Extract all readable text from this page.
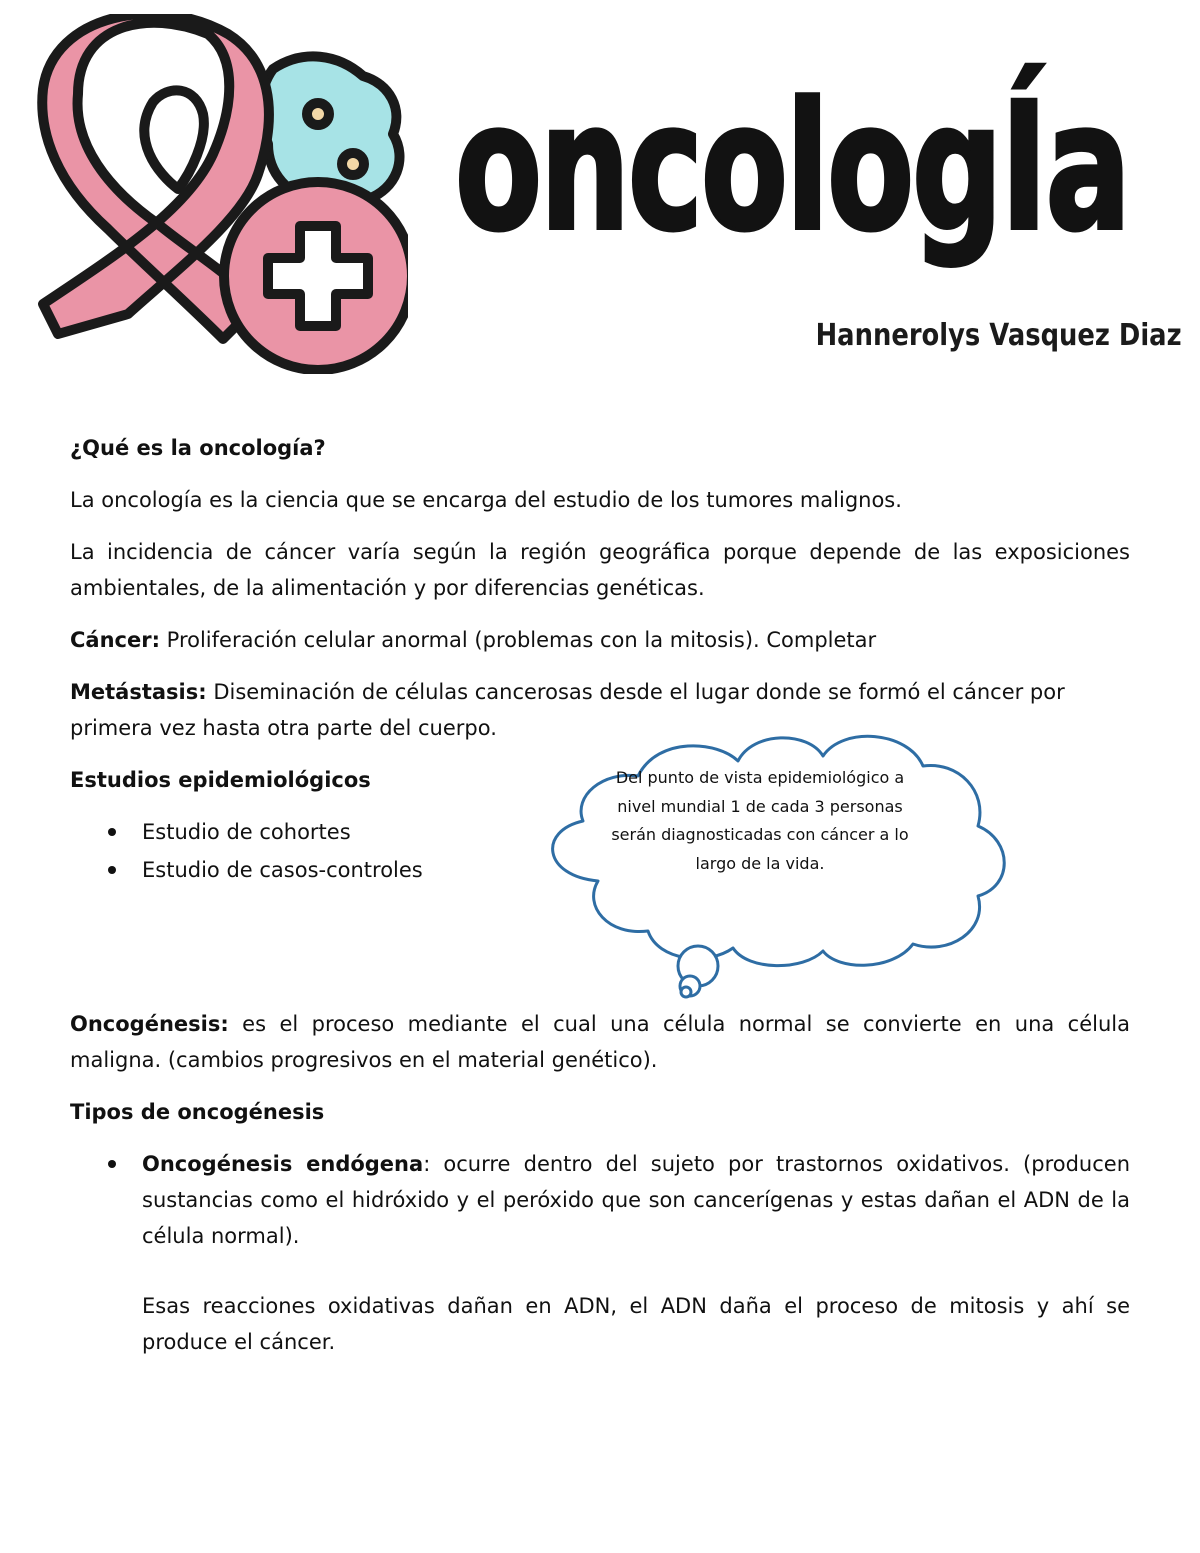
oncologÍa
Hannerolys Vasquez Diaz

¿Qué es la oncología?

La oncología es la ciencia que se encarga del estudio de los tumores malignos.

La incidencia de cáncer varía según la región geográfica porque depende de las exposiciones ambientales, de la alimentación y por diferencias genéticas.

Cáncer: Proliferación celular anormal (problemas con la mitosis). Completar

Metástasis: Diseminación de células cancerosas desde el lugar donde se formó el cáncer por primera vez hasta otra parte del cuerpo.

Estudios epidemiológicos

Estudio de cohortes
Estudio de casos-controles

Oncogénesis: es el proceso mediante el cual una célula normal se convierte en una célula maligna. (cambios progresivos en el material genético).

Tipos de oncogénesis

Oncogénesis endógena: ocurre dentro del sujeto por trastornos oxidativos. (producen sustancias como el hidróxido y el peróxido que son cancerígenas y estas dañan el ADN de la célula normal).

Esas reacciones oxidativas dañan en ADN, el ADN daña el proceso de mitosis y ahí se produce el cáncer.

Del punto de vista epidemiológico a nivel mundial 1 de cada 3 personas serán diagnosticadas con cáncer a lo largo de la vida.
